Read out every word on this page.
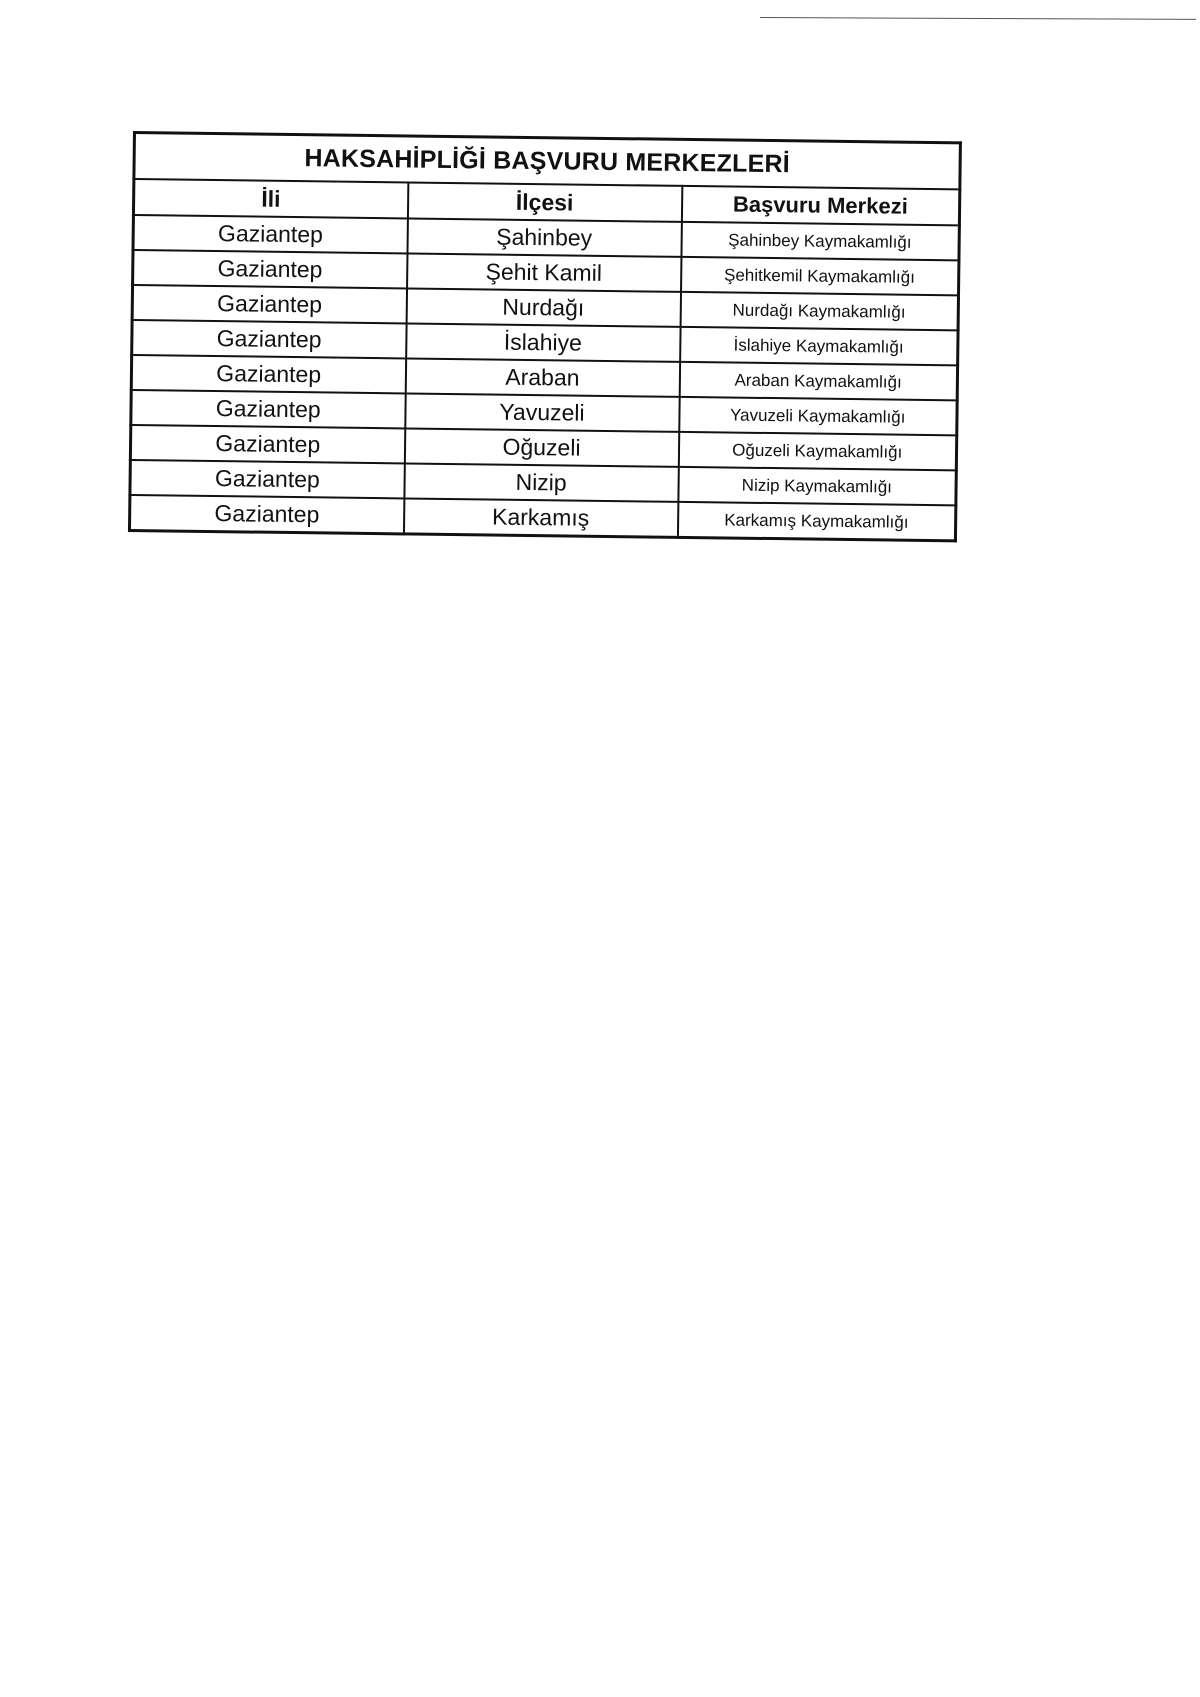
HAKSAHİPLİĞİ BAŞVURU MERKEZLERİ		
İli	İlçesi	Başvuru Merkezi
Gaziantep	Şahinbey	Şahinbey Kaymakamlığı
Gaziantep	Şehit Kamil	Şehitkemil Kaymakamlığı
Gaziantep	Nurdağı	Nurdağı Kaymakamlığı
Gaziantep	İslahiye	İslahiye Kaymakamlığı
Gaziantep	Araban	Araban Kaymakamlığı
Gaziantep	Yavuzeli	Yavuzeli Kaymakamlığı
Gaziantep	Oğuzeli	Oğuzeli Kaymakamlığı
Gaziantep	Nizip	Nizip Kaymakamlığı
Gaziantep	Karkamış	Karkamış Kaymakamlığı
